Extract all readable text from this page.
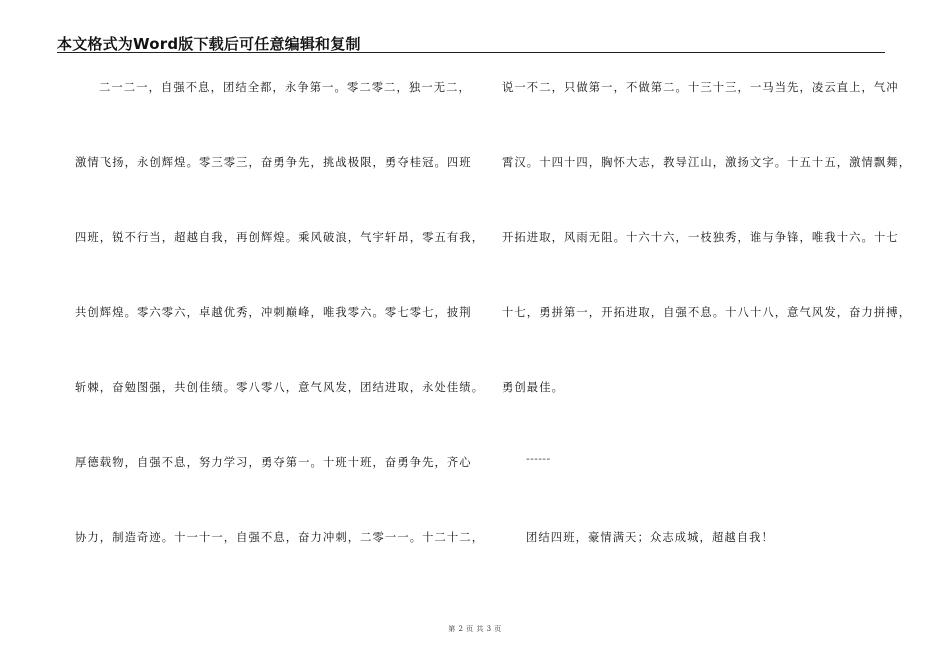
本文格式为Word版下载后可任意编辑和复制
二一二一，自强不息，团结全都，永争第一。零二零二，独一无二，
激情飞扬，永创辉煌。零三零三，奋勇争先，挑战极限，勇夺桂冠。四班
四班，锐不行当，超越自我，再创辉煌。乘风破浪，气宇轩昂，零五有我，
共创辉煌。零六零六，卓越优秀，冲刺巅峰，唯我零六。零七零七，披荆
斩棘，奋勉图强，共创佳绩。零八零八，意气风发，团结进取，永处佳绩。
厚德载物，自强不息，努力学习，勇夺第一。十班十班，奋勇争先，齐心
协力，制造奇迹。十一十一，自强不息，奋力冲刺，二零一一。十二十二，
说一不二，只做第一，不做第二。十三十三，一马当先，凌云直上，气冲
霄汉。十四十四，胸怀大志，教导江山，激扬文字。十五十五，激情飘舞，
开拓进取，风雨无阻。十六十六，一枝独秀，谁与争锋，唯我十六。十七
十七，勇拼第一，开拓进取，自强不息。十八十八，意气风发，奋力拼搏，
勇创最佳。
------
团结四班，豪情满天；众志成城，超越自我！
第 2 页 共 3 页
